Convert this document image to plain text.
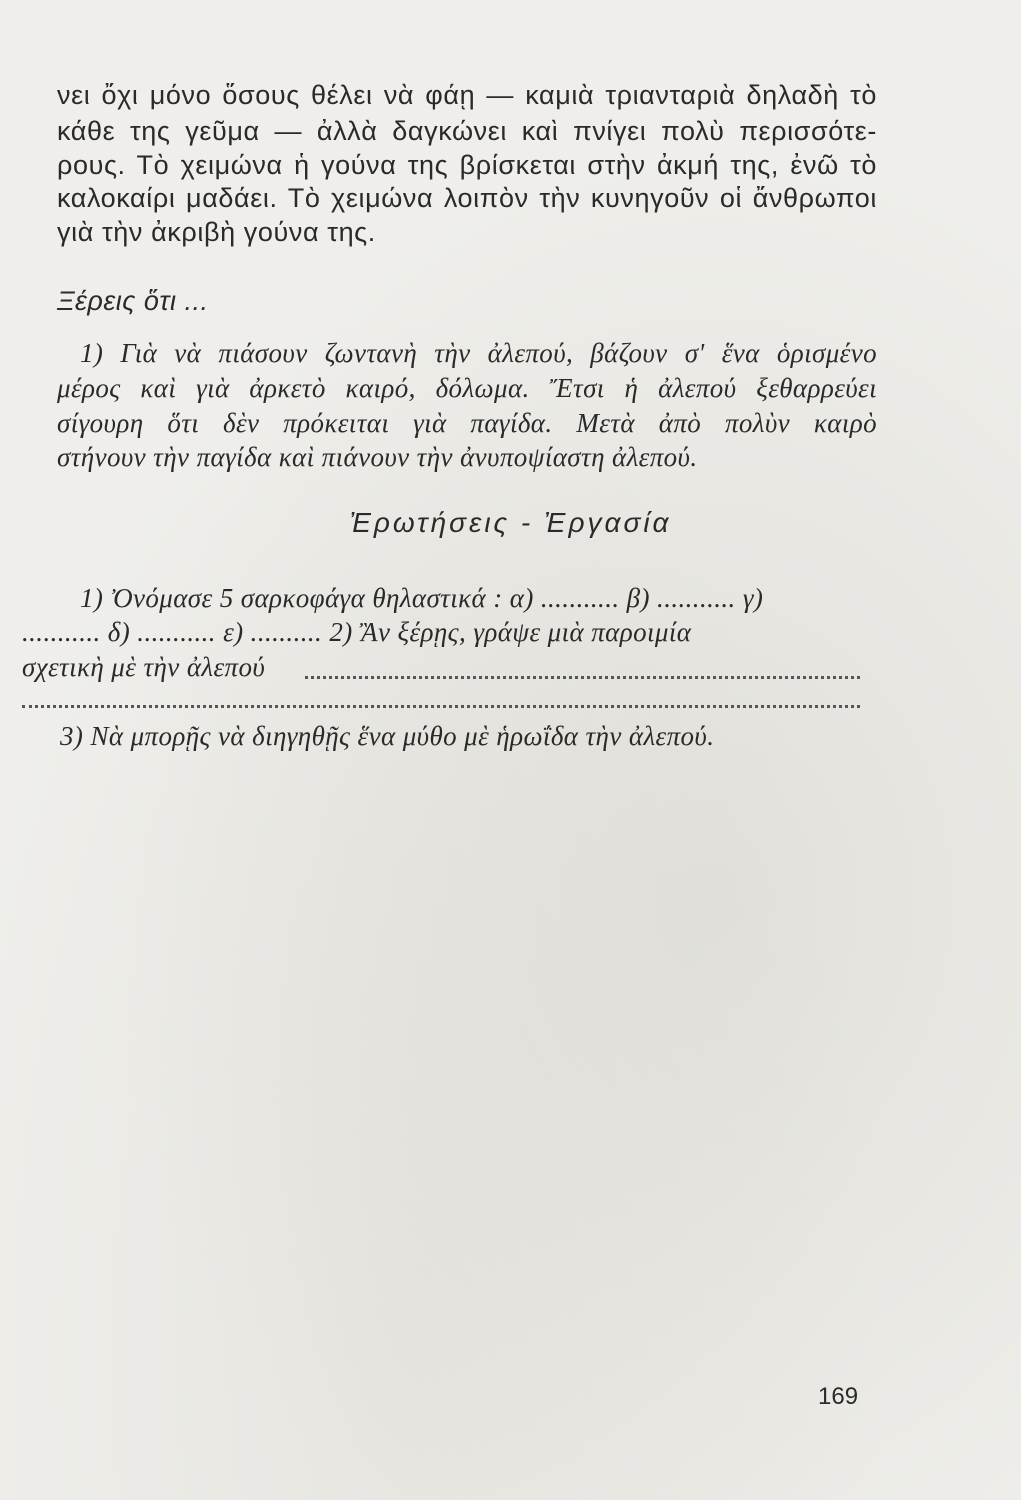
νει ὄχι μόνο ὅσους θέλει νὰ φάῃ — καμιὰ τριανταριὰ δηλαδὴ τὸ

κάθε της γεῦμα — ἀλλὰ δαγκώνει καὶ πνίγει πολὺ περισσότε-

ρους. Τὸ χειμώνα ἡ γούνα της βρίσκεται στὴν ἀκμή της, ἐνῶ τὸ

καλοκαίρι μαδάει. Τὸ χειμώνα λοιπὸν τὴν κυνηγοῦν οἱ ἄνθρωποι

γιὰ τὴν ἀκριβὴ γούνα της.

Ξέρεις ὅτι ...

1) Γιὰ νὰ πιάσουν ζωντανὴ τὴν ἀλεπού, βάζουν σ' ἕνα ὁρισμένο

μέρος καὶ γιὰ ἀρκετὸ καιρό, δόλωμα. Ἔτσι ἡ ἀλεπού ξεθαρρεύει

σίγουρη ὅτι δὲν πρόκειται γιὰ παγίδα. Μετὰ ἀπὸ πολὺν καιρὸ

στήνουν τὴν παγίδα καὶ πιάνουν τὴν ἀνυποψίαστη ἀλεπού.

Ἐρωτήσεις - Ἐργασία

1) Ὀνόμασε 5 σαρκοφάγα θηλαστικά : α) ........... β) ........... γ)

........... δ) ........... ε) .......... 2) Ἂν ξέρῃς, γράψε μιὰ παροιμία

σχετικὴ μὲ τὴν ἀλεπού

3) Νὰ μπορῇς νὰ διηγηθῇς ἕνα μύθο μὲ ἡρωΐδα τὴν ἀλεπού.

169
